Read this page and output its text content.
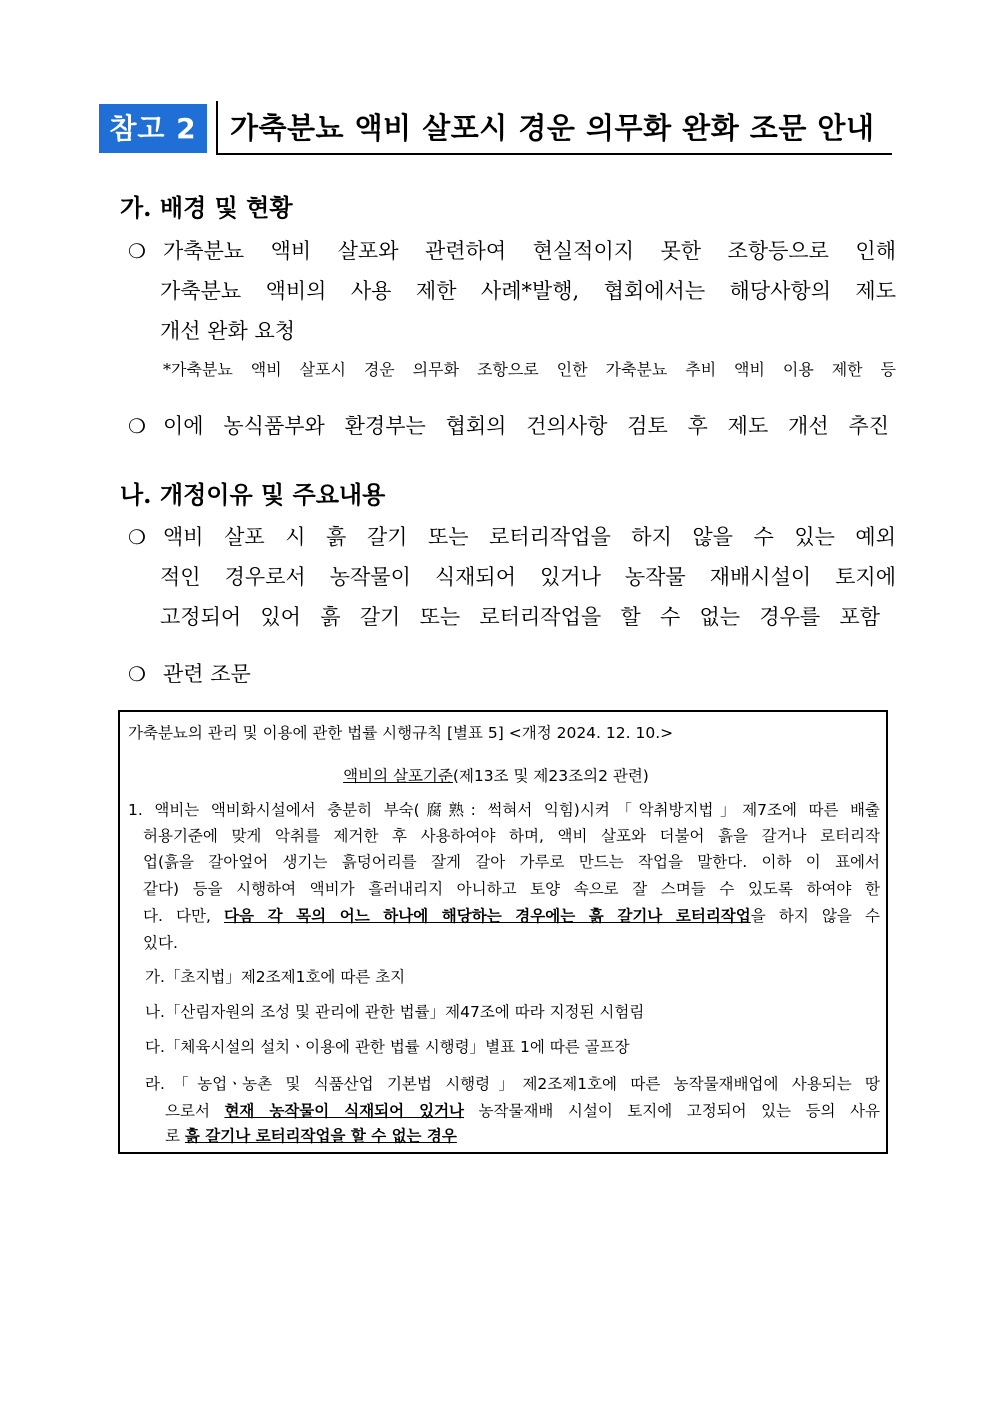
참고 2	가축분뇨 액비 살포시 경운 의무화 완화 조문 안내
가. 배경 및 현황
❍ 가축분뇨 액비 살포와 관련하여 현실적이지 못한 조항등으로 인해
가축분뇨 액비의 사용 제한 사례*발행, 협회에서는 해당사항의 제도
개선 완화 요청
*가축분뇨 액비 살포시 경운 의무화 조항으로 인한 가축분뇨 추비 액비 이용 제한 등
❍ 이에 농식품부와 환경부는 협회의 건의사항 검토 후 제도 개선 추진
나. 개정이유 및 주요내용
❍ 액비 살포 시 흙 갈기 또는 로터리작업을 하지 않을 수 있는 예외
적인 경우로서 농작물이 식재되어 있거나 농작물 재배시설이 토지에
고정되어 있어 흙 갈기 또는 로터리작업을 할 수 없는 경우를 포함
❍ 관련 조문
가축분뇨의 관리 및 이용에 관한 법률 시행규칙 [별표 5] <개정 2024. 12. 10.>
액비의 살포기준(제13조 및 제23조의2 관련)
1. 액비는 액비화시설에서 충분히 부숙(腐熟: 썩혀서 익힘)시켜「악취방지법」제7조에 따른 배출
허용기준에 맞게 악취를 제거한 후 사용하여야 하며, 액비 살포와 더불어 흙을 갈거나 로터리작
업(흙을 갈아엎어 생기는 흙덩어리를 잘게 갈아 가루로 만드는 작업을 말한다. 이하 이 표에서
같다) 등을 시행하여 액비가 흘러내리지 아니하고 토양 속으로 잘 스며들 수 있도록 하여야 한
다. 다만, 다음 각 목의 어느 하나에 해당하는 경우에는 흙 갈기나 로터리작업을 하지 않을 수
있다.
가.「초지법」제2조제1호에 따른 초지
나.「산림자원의 조성 및 관리에 관한 법률」제47조에 따라 지정된 시험림
다.「체육시설의 설치ㆍ이용에 관한 법률 시행령」별표 1에 따른 골프장
라.「농업ㆍ농촌 및 식품산업 기본법 시행령」제2조제1호에 따른 농작물재배업에 사용되는 땅
으로서 현재 농작물이 식재되어 있거나 농작물재배 시설이 토지에 고정되어 있는 등의 사유
로 흙 갈기나 로터리작업을 할 수 없는 경우
